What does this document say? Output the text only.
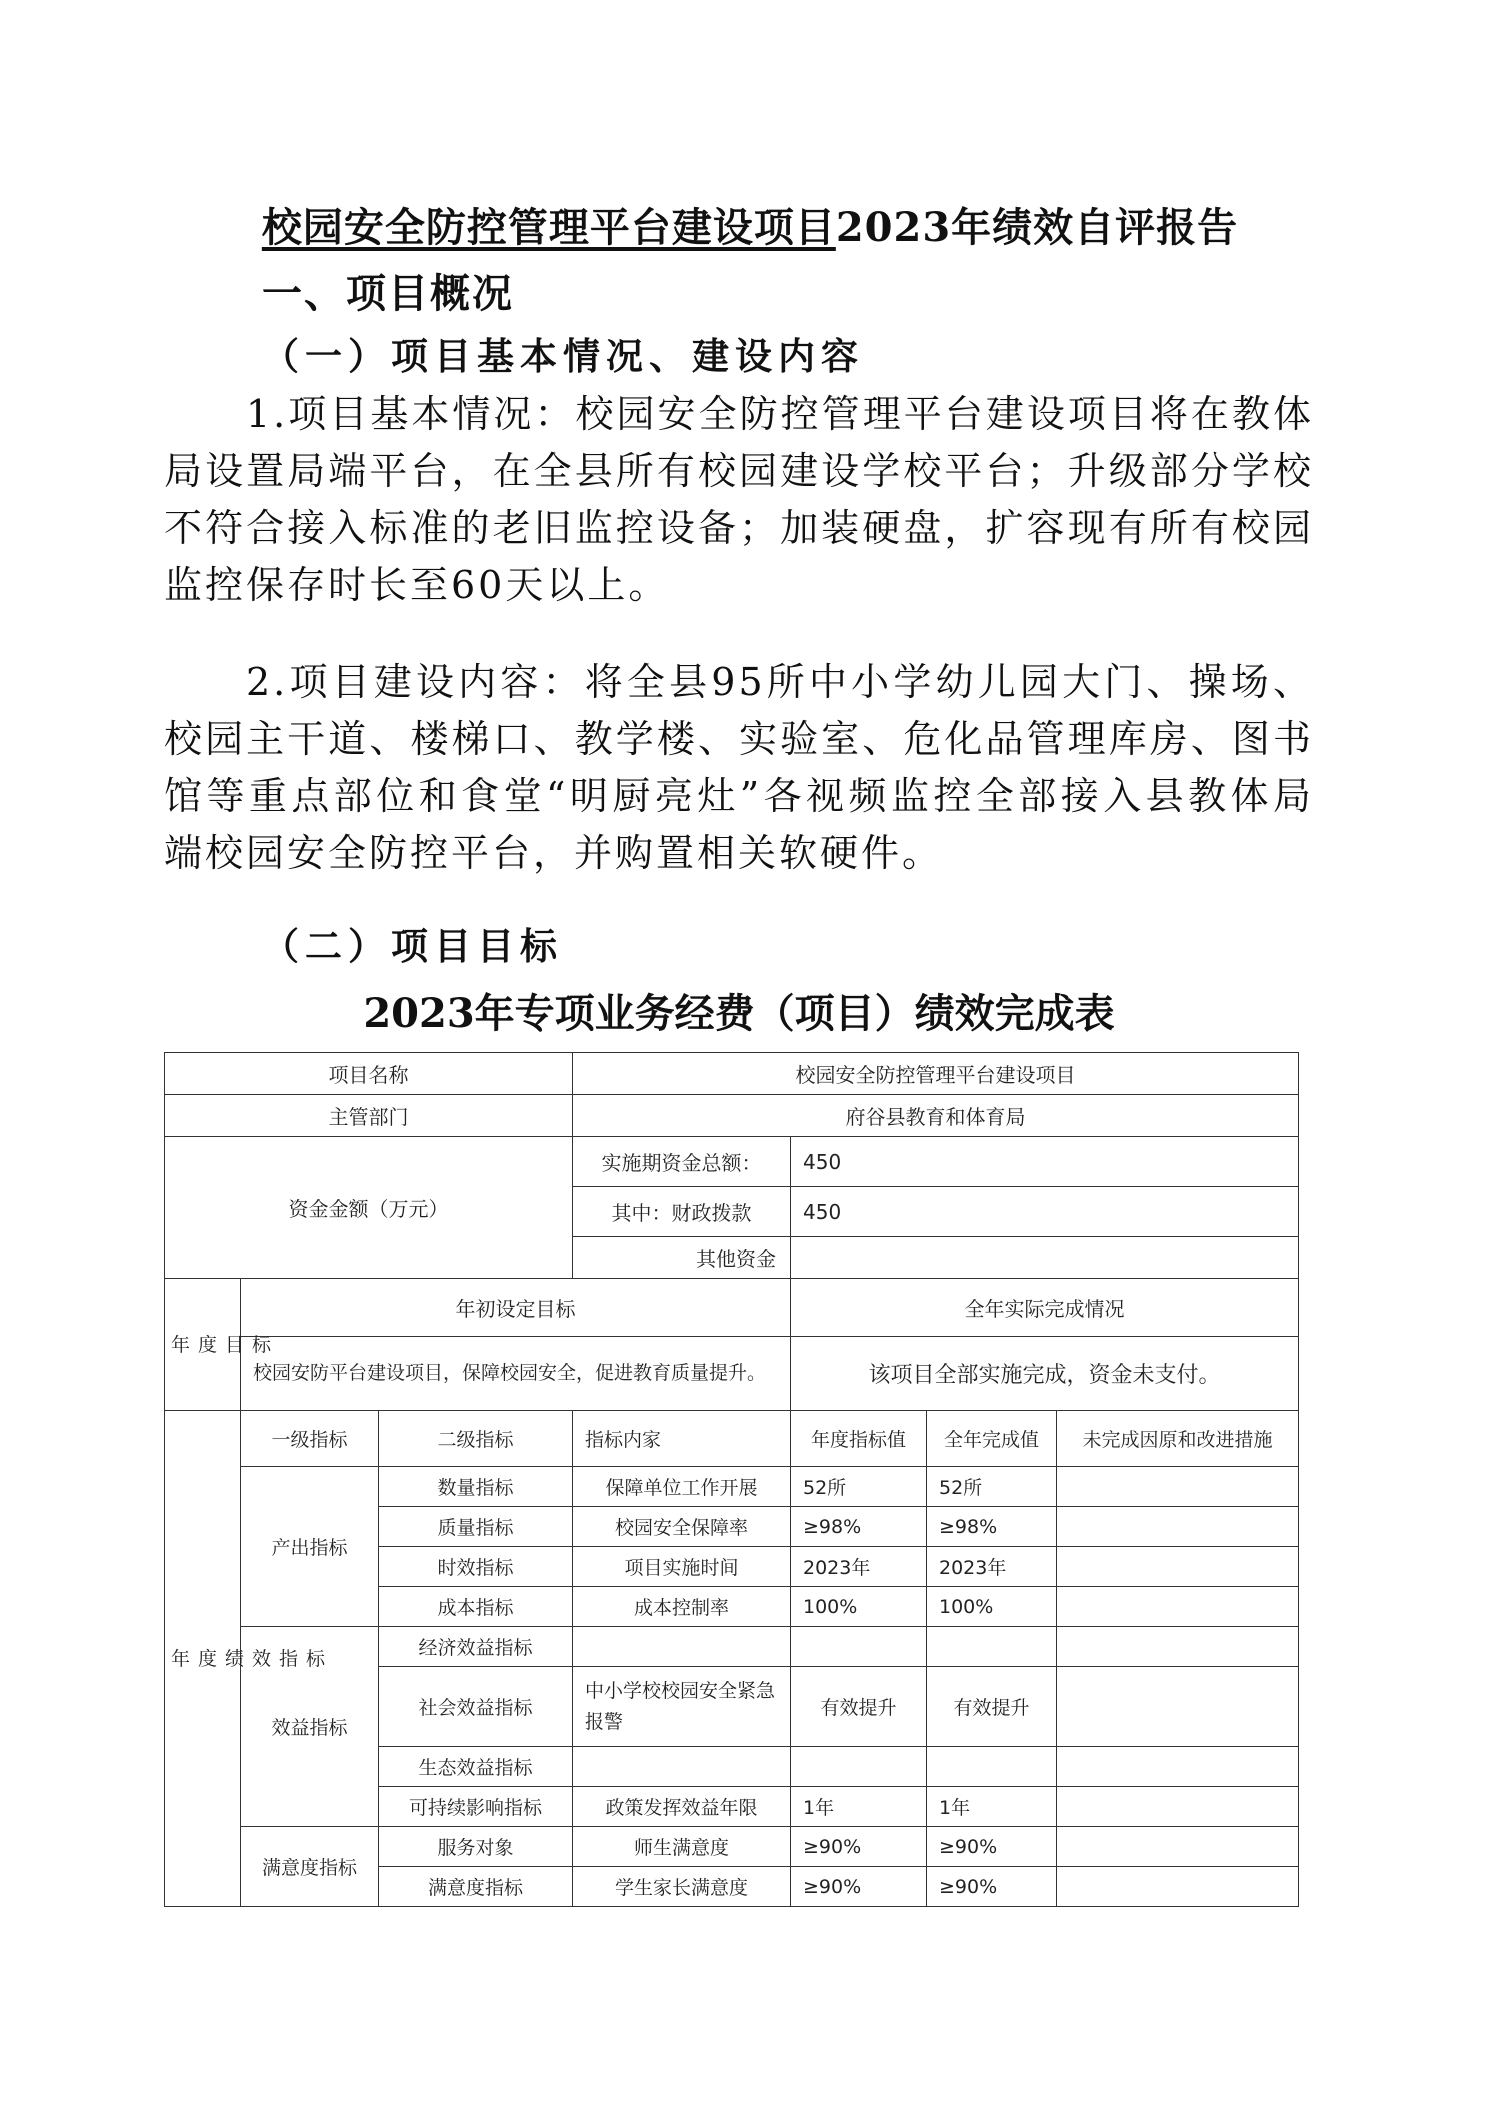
校园安全防控管理平台建设项目2023年绩效自评报告
一、项目概况
（一）项目基本情况、建设内容

1.项目基本情况：校园安全防控管理平台建设项目将在教体局设置局端平台，在全县所有校园建设学校平台；升级部分学校不符合接入标准的老旧监控设备；加装硬盘，扩容现有所有校园监控保存时长至60天以上。

2.项目建设内容：将全县95所中小学幼儿园大门、操场、校园主干道、楼梯口、教学楼、实验室、危化品管理库房、图书馆等重点部位和食堂“明厨亮灶”各视频监控全部接入县教体局端校园安全防控平台，并购置相关软硬件。

（二）项目目标
2023年专项业务经费（项目）绩效完成表
项目名称			校园安全防控管理平台建设项目			
主管部门			府谷县教育和体育局			
资金金额（万元）			实施期资金总额：	450		
			其中：财政拨款	450		
			其他资金			
年度目标	年初设定目标			全年实际完成情况		
	校园安防平台建设项目，保障校园安全，促进教育质量提升。			该项目全部实施完成，资金未支付。		
年度绩效指标	一级指标	二级指标	指标内家	年度指标值	全年完成值	未完成因原和改进措施
	产出指标	数量指标	保障单位工作开展	52所	52所	
		质量指标	校园安全保障率	≥98%	≥98%	
		时效指标	项目实施时间	2023年	2023年	
		成本指标	成本控制率	100%	100%	
	效益指标	经济效益指标				
		社会效益指标	中小学校校园安全紧急报警	有效提升	有效提升	
		生态效益指标				
		可持续影响指标	政策发挥效益年限	1年	1年	
	满意度指标	服务对象	师生满意度	≥90%	≥90%	
		满意度指标	学生家长满意度	≥90%	≥90%	
